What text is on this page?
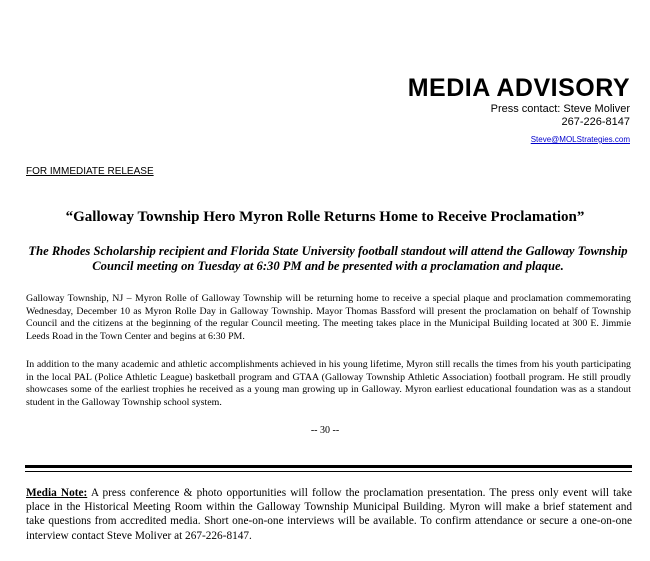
MEDIA ADVISORY
Press contact: Steve Moliver
267-226-8147
Steve@MOLStrategies.com
FOR IMMEDIATE RELEASE
“Galloway Township Hero Myron Rolle Returns Home to Receive Proclamation”
The Rhodes Scholarship recipient and Florida State University football standout will attend the Galloway Township Council meeting on Tuesday at 6:30 PM and be presented with a proclamation and plaque.
Galloway Township, NJ – Myron Rolle of Galloway Township will be returning home to receive a special plaque and proclamation commemorating Wednesday, December 10 as Myron Rolle Day in Galloway Township. Mayor Thomas Bassford will present the proclamation on behalf of Township Council and the citizens at the beginning of the regular Council meeting. The meeting takes place in the Municipal Building located at 300 E. Jimmie Leeds Road in the Town Center and begins at 6:30 PM.
In addition to the many academic and athletic accomplishments achieved in his young lifetime, Myron still recalls the times from his youth participating in the local PAL (Police Athletic League) basketball program and GTAA (Galloway Township Athletic Association) football program. He still proudly showcases some of the earliest trophies he received as a young man growing up in Galloway. Myron earliest educational foundation was as a standout student in the Galloway Township school system.
-- 30 --
Media Note: A press conference & photo opportunities will follow the proclamation presentation. The press only event will take place in the Historical Meeting Room within the Galloway Township Municipal Building. Myron will make a brief statement and take questions from accredited media. Short one-on-one interviews will be available. To confirm attendance or secure a one-on-one interview contact Steve Moliver at 267-226-8147.
